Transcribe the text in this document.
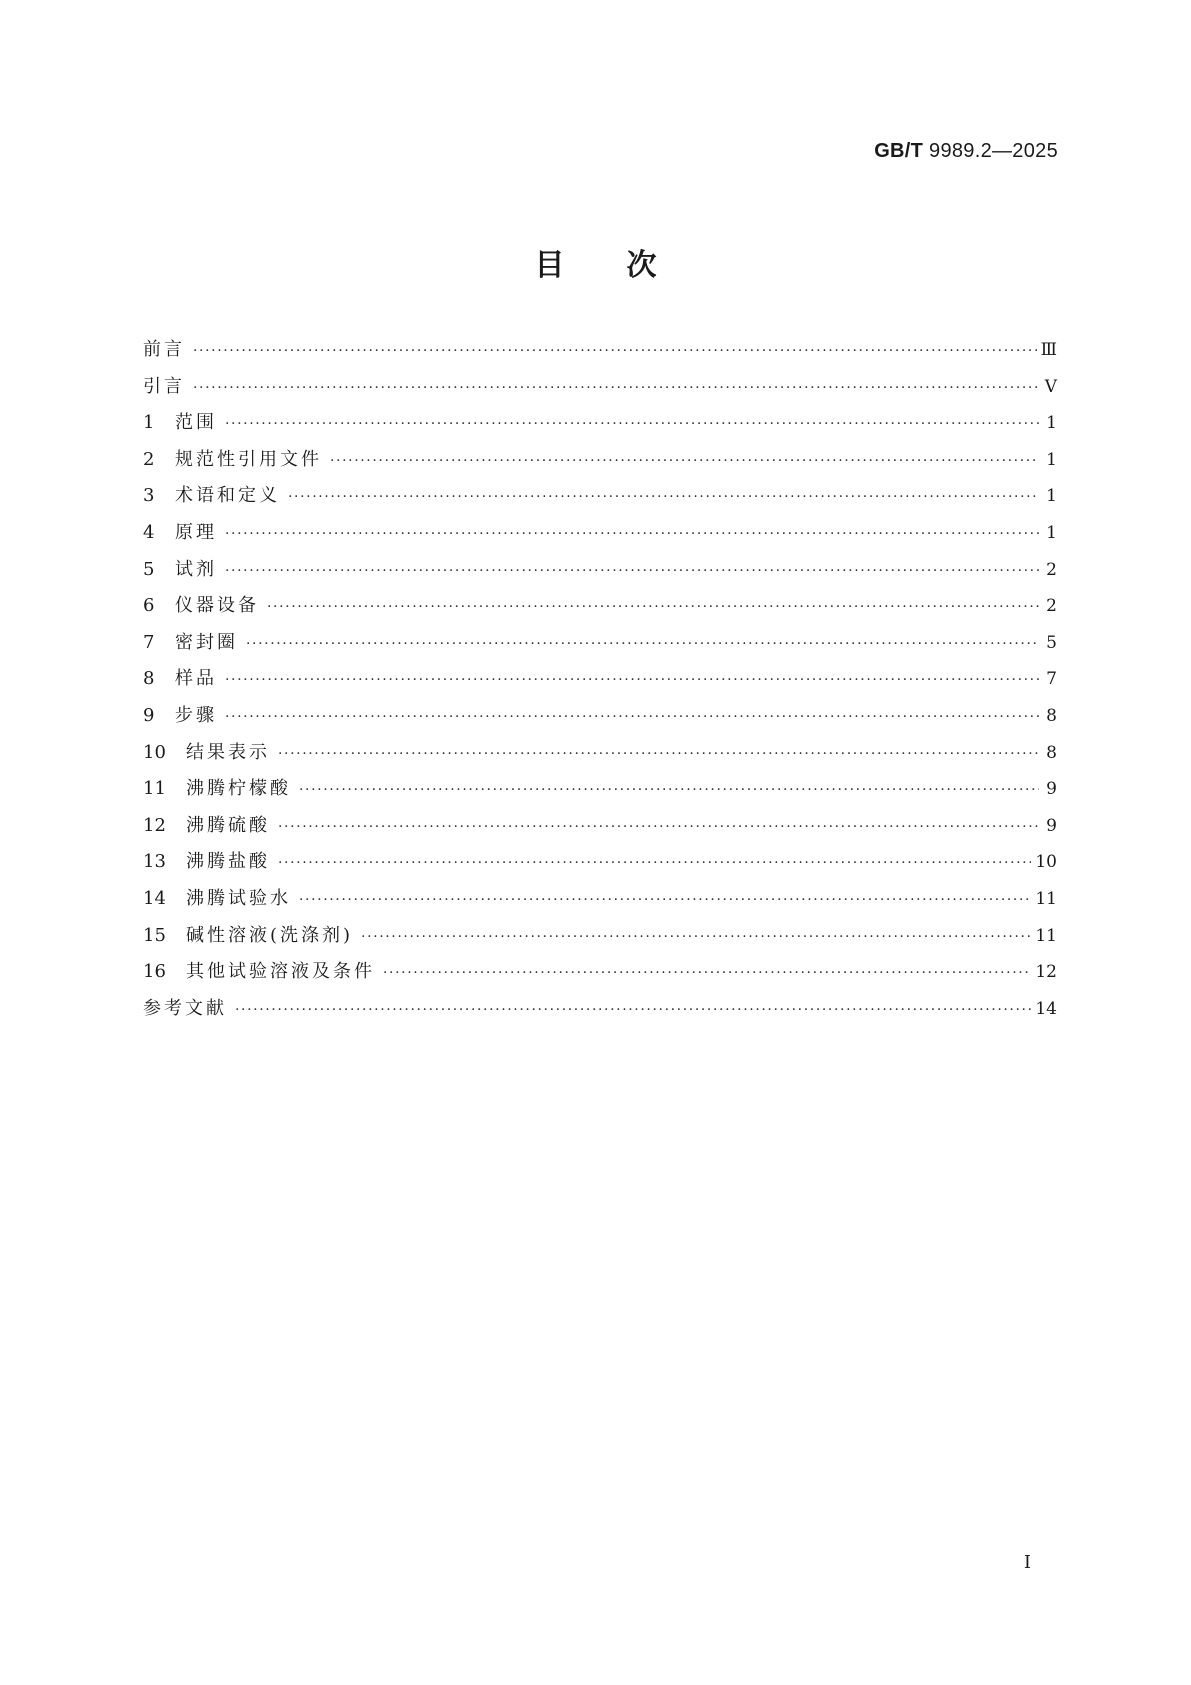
GB/T 9989.2—2025
目次
前言 ·····	Ⅲ
引言 ·····	Ⅴ
1	范围 ·····	1
2	规范性引用文件 ·····	1
3	术语和定义 ·····	1
4	原理 ·····	1
5	试剂 ·····	2
6	仪器设备 ·····	2
7	密封圈 ·····	5
8	样品 ·····	7
9	步骤 ·····	8
10	结果表示 ·····	8
11	沸腾柠檬酸 ·····	9
12	沸腾硫酸 ·····	9
13	沸腾盐酸 ·····	10
14	沸腾试验水 ·····	11
15	碱性溶液(洗涤剂) ·····	11
16	其他试验溶液及条件 ·····	12
参考文献 ·····	14
Ⅰ
